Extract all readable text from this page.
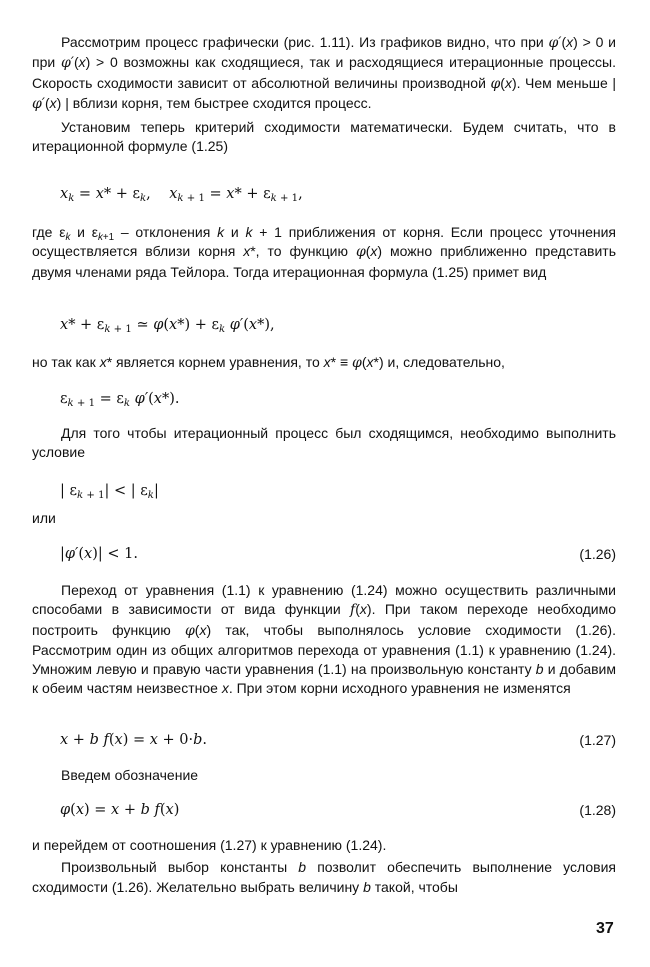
Рассмотрим процесс графически (рис. 1.11). Из графиков видно, что при φ′(x) > 0 и при φ′(x) > 0 возможны как сходящиеся, так и расходящиеся итерационные процессы. Скорость сходимости зависит от абсолютной величины производной φ(x). Чем меньше | φ′(x) | вблизи корня, тем быстрее сходится процесс.

Установим теперь критерий сходимости математически. Будем считать, что в итерационной формуле (1.25)

$x_k = x* + \varepsilon_k$,    $x_{k + 1} = x* + \varepsilon_{k + 1}$,

где $\varepsilon_k$ и $\varepsilon_{k+1}$ – отклонения k и k + 1 приближения от корня. Если процесс уточнения осуществляется вблизи корня x*, то функцию φ(x) можно приближенно представить двумя членами ряда Тейлора. Тогда итерационная формула (1.25) примет вид

$x* + \varepsilon_{k + 1}$ ≃ $\varphi(x*) + \varepsilon_k$ φ′(x*),

но так как x* является корнем уравнения, то x* ≡ φ(x*) и, следовательно,

$\varepsilon_{k + 1} = \varepsilon_k$ φ′(x*).

Для того чтобы итерационный процесс был сходящимся, необходимо выполнить условие

| $\varepsilon_{k + 1}|$ < | $\varepsilon_k|$
или
|φ′(x)| < 1.	(1.26)

Переход от уравнения (1.1) к уравнению (1.24) можно осуществить различными способами в зависимости от вида функции f(x). При таком переходе необходимо построить функцию φ(x) так, чтобы выполнялось условие сходимости (1.26). Рассмотрим один из общих алгоритмов перехода от уравнения (1.1) к уравнению (1.24). Умножим левую и правую части уравнения (1.1) на произвольную константу b и добавим к обеим частям неизвестное x. При этом корни исходного уравнения не изменятся

x + b f(x) = x + 0·b.	(1.27)
Введем обозначение
φ(x) = x + b f(x)	(1.28)

и перейдем от соотношения (1.27) к уравнению (1.24).

Произвольный выбор константы b позволит обеспечить выполнение условия сходимости (1.26). Желательно выбрать величину b такой, чтобы

37
